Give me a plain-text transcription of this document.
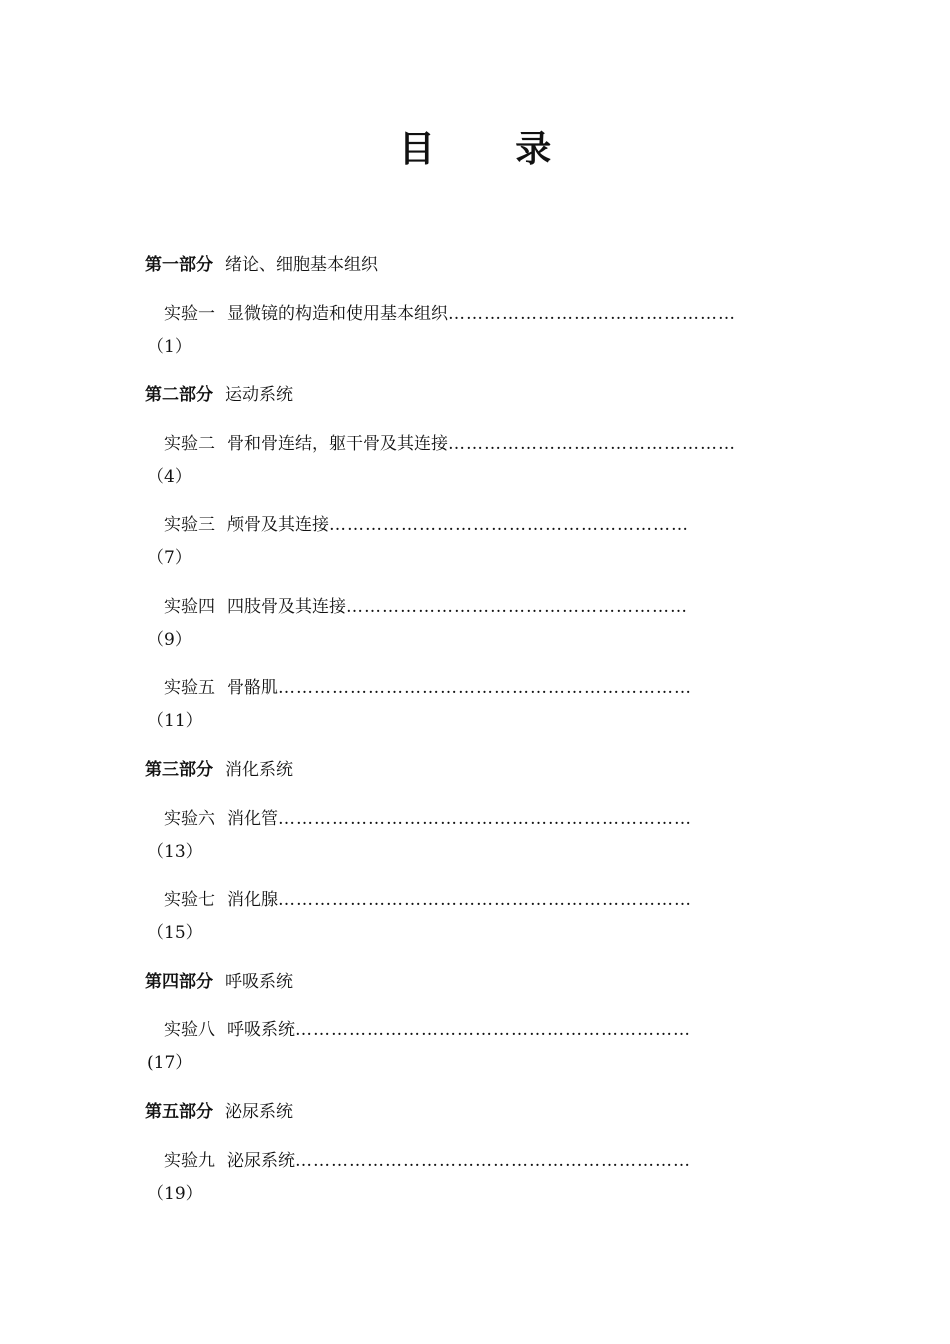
目 录
第一部分 绪论、细胞基本组织
实验一 显微镜的构造和使用基本组织…………………………………………
（1）
第二部分 运动系统
实验二 骨和骨连结，躯干骨及其连接…………………………………………
（4）
实验三 颅骨及其连接……………………………………………………
（7）
实验四 四肢骨及其连接…………………………………………………
（9）
实验五 骨骼肌……………………………………………………………
（11）
第三部分 消化系统
实验六 消化管……………………………………………………………
（13）
实验七 消化腺……………………………………………………………
（15）
第四部分 呼吸系统
实验八 呼吸系统…………………………………………………………
(17）
第五部分 泌尿系统
实验九 泌尿系统…………………………………………………………
（19）
